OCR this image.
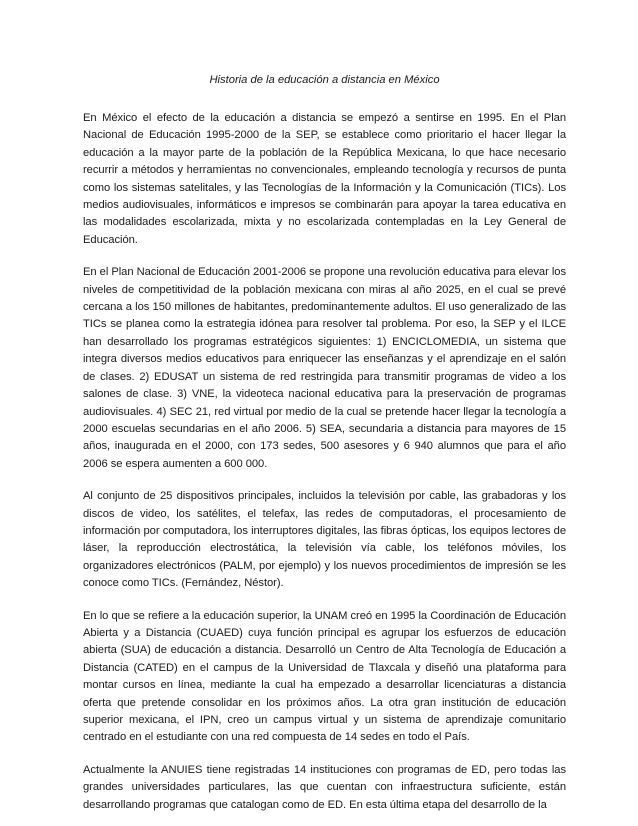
Historia de la educación a distancia en México

En México el efecto de la educación a distancia se empezó a sentirse en 1995. En el Plan Nacional de Educación 1995-2000 de la SEP, se establece como prioritario el hacer llegar la educación a la mayor parte de la población de la República Mexicana, lo que hace necesario recurrir a métodos y herramientas no convencionales, empleando tecnología y recursos de punta como los sistemas satelitales, y las Tecnologías de la Información y la Comunicación (TICs). Los medios audiovisuales, informáticos e impresos se combinarán para apoyar la tarea educativa en las modalidades escolarizada, mixta y no escolarizada contempladas en la Ley General de Educación.

En el Plan Nacional de Educación 2001-2006 se propone una revolución educativa para elevar los niveles de competitividad de la población mexicana con miras al año 2025, en el cual se prevé cercana a los 150 millones de habitantes, predominantemente adultos. El uso generalizado de las TICs se planea como la estrategia idónea para resolver tal problema. Por eso, la SEP y el ILCE han desarrollado los programas estratégicos siguientes: 1) ENCICLOMEDIA, un sistema que integra diversos medios educativos para enriquecer las enseñanzas y el aprendizaje en el salón de clases. 2) EDUSAT un sistema de red restringida para transmitir programas de video a los salones de clase. 3) VNE, la videoteca nacional educativa para la preservación de programas audiovisuales. 4) SEC 21, red virtual por medio de la cual se pretende hacer llegar la tecnología a 2000 escuelas secundarias en el año 2006. 5) SEA, secundaria a distancia para mayores de 15 años, inaugurada en el 2000, con 173 sedes, 500 asesores y 6 940 alumnos que para el año 2006 se espera aumenten a 600 000.

Al conjunto de 25 dispositivos principales, incluidos la televisión por cable, las grabadoras y los discos de video, los satélites, el telefax, las redes de computadoras, el procesamiento de información por computadora, los interruptores digitales, las fibras ópticas, los equipos lectores de láser, la reproducción electrostática, la televisión vía cable, los teléfonos móviles, los organizadores electrónicos (PALM, por ejemplo) y los nuevos procedimientos de impresión se les conoce como TICs. (Fernández, Néstor).

En lo que se refiere a la educación superior, la UNAM creó en 1995 la Coordinación de Educación Abierta y a Distancia (CUAED) cuya función principal es agrupar los esfuerzos de educación abierta (SUA) de educación a distancia. Desarrolló un Centro de Alta Tecnología de Educación a Distancia (CATED) en el campus de la Universidad de Tlaxcala y diseñó una plataforma para montar cursos en línea, mediante la cual ha empezado a desarrollar licenciaturas a distancia oferta que pretende consolidar en los próximos años. La otra gran institución de educación superior mexicana, el IPN, creo un campus virtual y un sistema de aprendizaje comunitario centrado en el estudiante con una red compuesta de 14 sedes en todo el País.

Actualmente la ANUIES tiene registradas 14 instituciones con programas de ED, pero todas las grandes universidades particulares, las que cuentan con infraestructura suficiente, están desarrollando programas que catalogan como de ED. En esta última etapa del desarrollo de la
